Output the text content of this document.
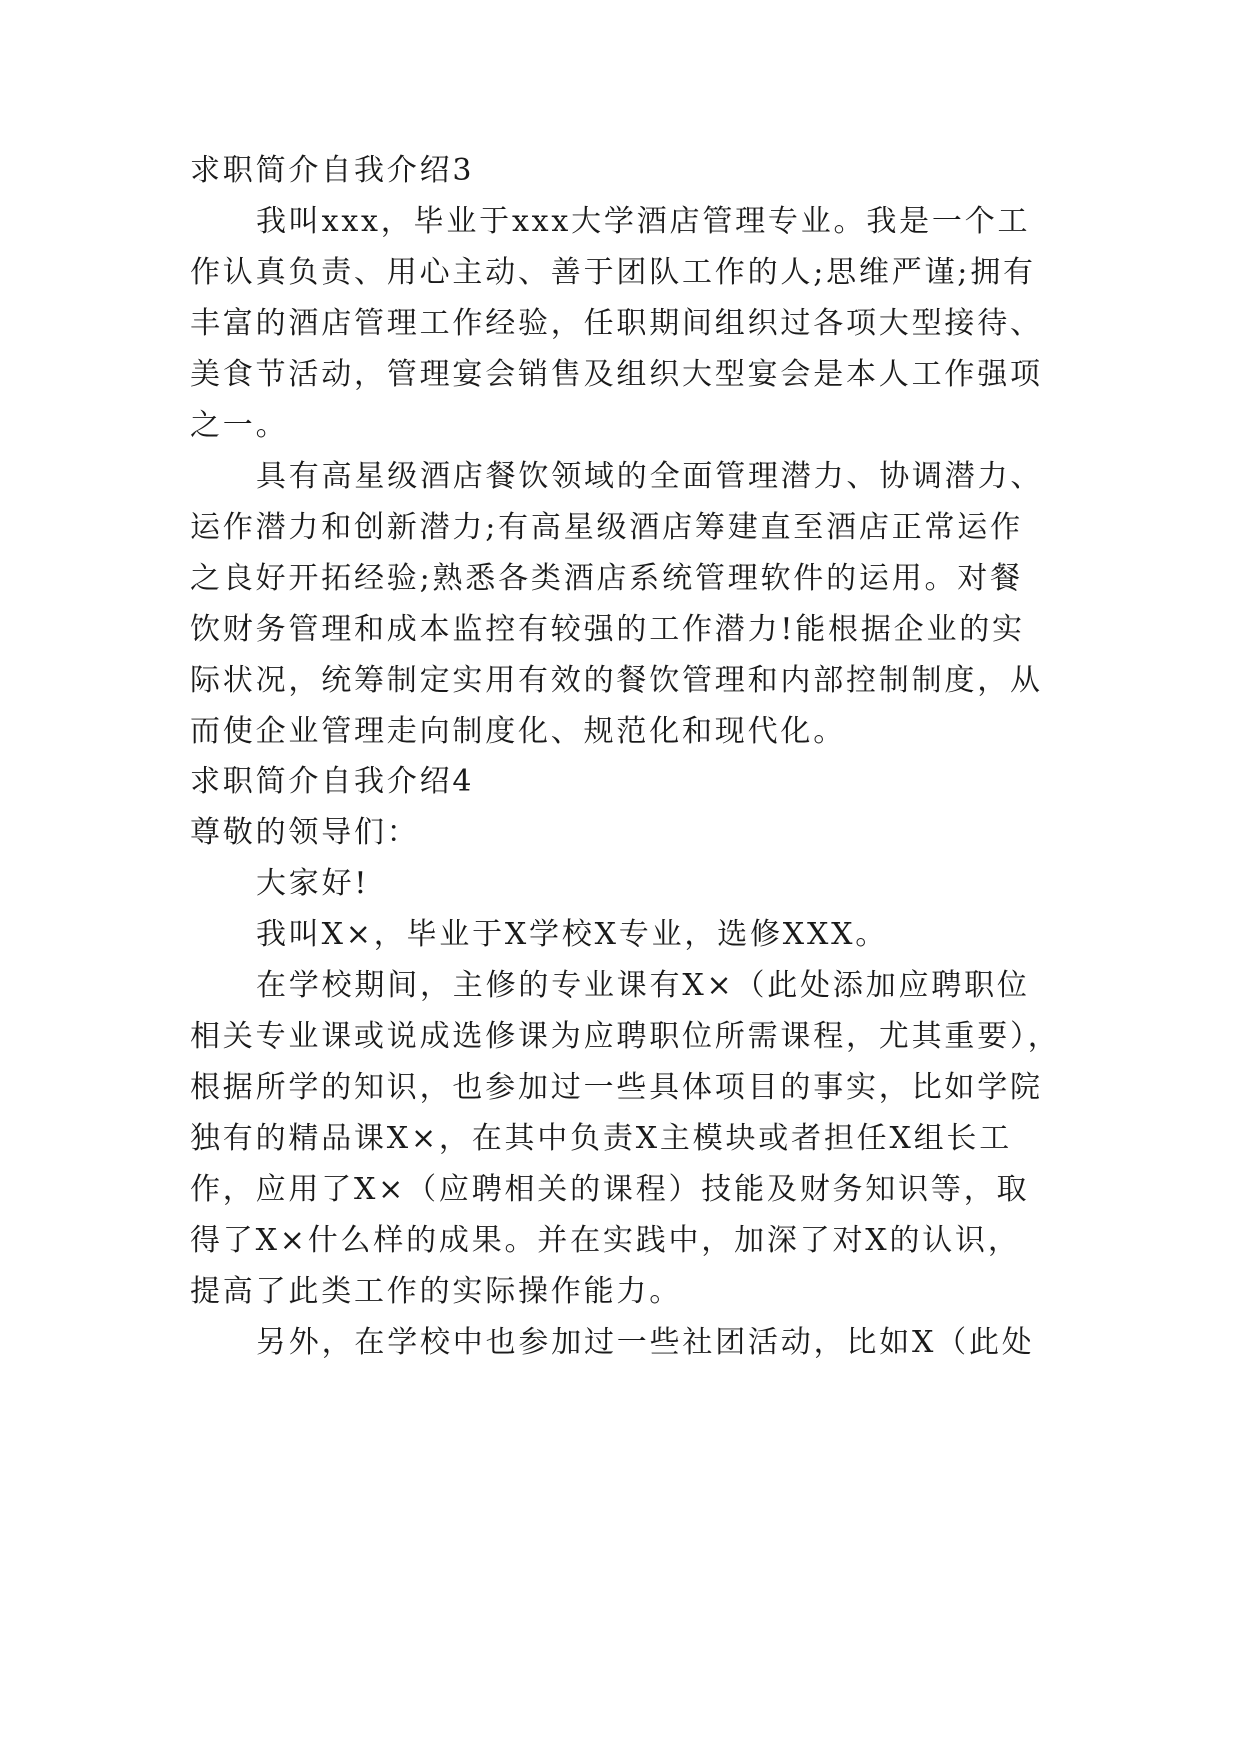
求职简介自我介绍3

我叫xxx，毕业于xxx大学酒店管理专业。我是一个工

作认真负责、用心主动、善于团队工作的人;思维严谨;拥有

丰富的酒店管理工作经验，任职期间组织过各项大型接待、

美食节活动，管理宴会销售及组织大型宴会是本人工作强项

之一。

具有高星级酒店餐饮领域的全面管理潜力、协调潜力、

运作潜力和创新潜力;有高星级酒店筹建直至酒店正常运作

之良好开拓经验;熟悉各类酒店系统管理软件的运用。对餐

饮财务管理和成本监控有较强的工作潜力!能根据企业的实

际状况，统筹制定实用有效的餐饮管理和内部控制制度，从

而使企业管理走向制度化、规范化和现代化。

求职简介自我介绍4

尊敬的领导们：

大家好!

我叫X×，毕业于X学校X专业，选修XXX。

在学校期间，主修的专业课有X×（此处添加应聘职位

相关专业课或说成选修课为应聘职位所需课程，尤其重要），

根据所学的知识，也参加过一些具体项目的事实，比如学院

独有的精品课X×，在其中负责X主模块或者担任X组长工

作，应用了X×（应聘相关的课程）技能及财务知识等，取

得了X×什么样的成果。并在实践中，加深了对X的认识，

提高了此类工作的实际操作能力。

另外，在学校中也参加过一些社团活动，比如X（此处
